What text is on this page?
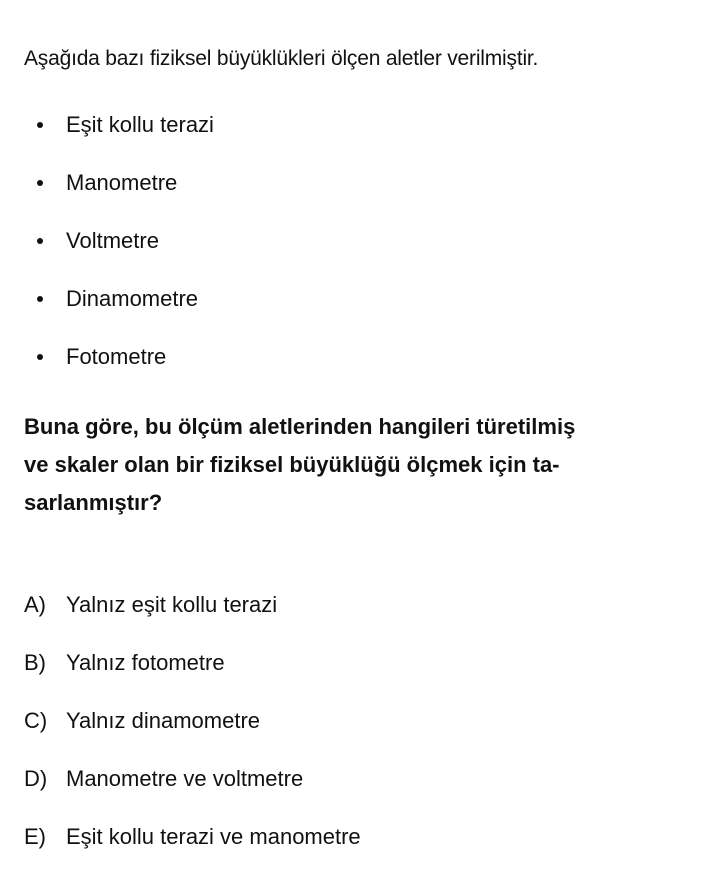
Aşağıda bazı fiziksel büyüklükleri ölçen aletler verilmiştir.
Eşit kollu terazi
Manometre
Voltmetre
Dinamometre
Fotometre
Buna göre, bu ölçüm aletlerinden hangileri türetilmiş
ve skaler olan bir fiziksel büyüklüğü ölçmek için ta-
sarlanmıştır?
A) Yalnız eşit kollu terazi
B) Yalnız fotometre
C) Yalnız dinamometre
D) Manometre ve voltmetre
E) Eşit kollu terazi ve manometre
